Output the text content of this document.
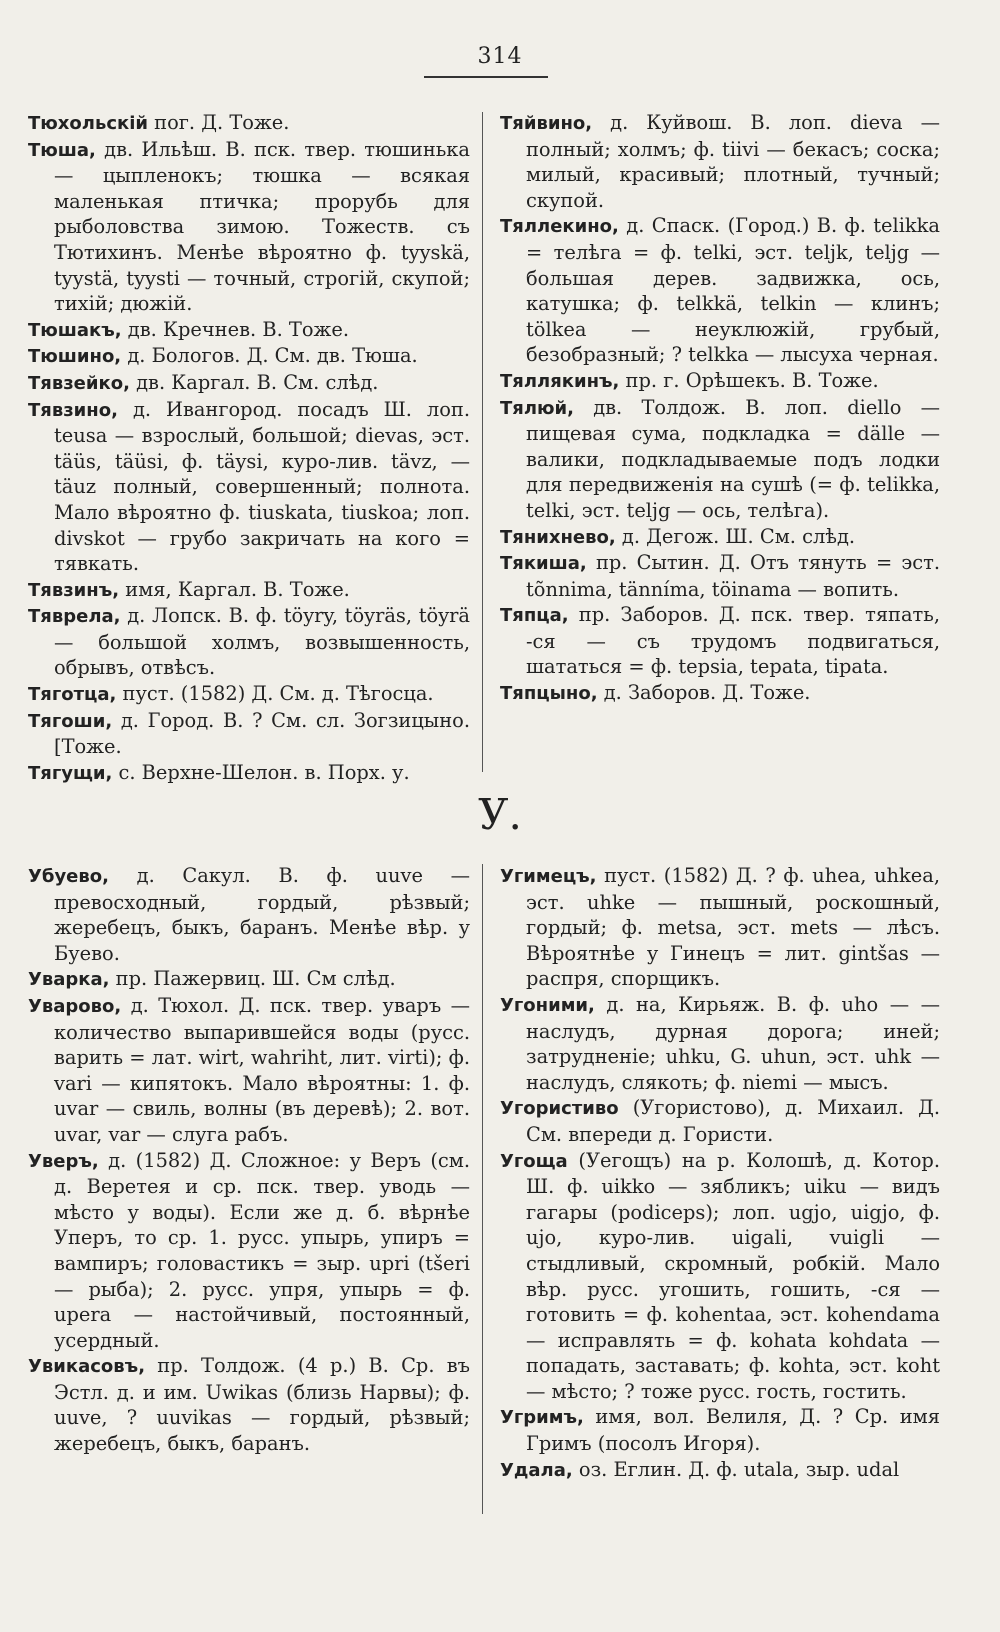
314

Тюхольскій пог. Д. Тоже.

Тюша, дв. Ильѣш. В. пск. твер. тюшинька — цыпленокъ; тюшка — всякая маленькая птичка; прорубь для рыболовства зимою. Тожеств. съ Тютихинъ. Менѣе вѣроятно ф. tyyskä, tyystä, tyysti — точный, строгій, скупой; тихій; дюжій.

Тюшакъ, дв. Кречнев. В. Тоже.

Тюшино, д. Бологов. Д. См. дв. Тюша.

Тявзейко, дв. Каргал. В. См. слѣд.

Тявзино, д. Ивангород. посадъ Ш. лоп. teusa — взрослый, большой; dievas, эст. täüs, täüsi, ф. täysi, куро-лив. tävz, — täuz полный, совершенный; полнота. Мало вѣроятно ф. tiuskata, tiuskoa; лоп. divskot — грубо закричать на кого = тявкать.

Тявзинъ, имя, Каргал. В. Тоже.

Тяврела, д. Лопск. В. ф. töyry, töyräs, töyrä — большой холмъ, возвышенность, обрывъ, отвѣсъ.

Тяготца, пуст. (1582) Д. См. д. Тѣгосца.

Тягоши, д. Город. В. ? См. сл. Зогзицыно. [Тоже.

Тягущи, с. Верхне-Шелон. в. Порх. у.

Тяйвино, д. Куйвош. В. лоп. dieva — полный; холмъ; ф. tiivi — бекасъ; соска; милый, красивый; плотный, тучный; скупой.

Тяллекино, д. Спаск. (Город.) В. ф. telikka = телѣга = ф. telki, эст. teljk, teljg — большая дерев. задвижка, ось, катушка; ф. telkkä, telkin — клинъ; tölkea — неуклюжій, грубый, безобразный; ? telkka — лысуха черная.

Тяллякинъ, пр. г. Орѣшекъ. В. Тоже.

Тялюй, дв. Толдож. В. лоп. diello — пищевая сума, подкладка = dälle — валики, подкладываемые подъ лодки для передвиженія на сушѣ (= ф. telikka, telki, эст. teljg — ось, телѣга).

Тянихнево, д. Дегож. Ш. См. слѣд.

Тякиша, пр. Сытин. Д. Отъ тянуть = эст. tõnnima, tänníma, töinama — вопить.

Тяпца, пр. Заборов. Д. пск. твер. тяпать, -ся — съ трудомъ подвигаться, шататься = ф. tepsia, tepata, tipata.

Тяпцыно, д. Заборов. Д. Тоже.

У.

Убуево, д. Сакул. В. ф. uuve — превосходный, гордый, рѣзвый; жеребецъ, быкъ, баранъ. Менѣе вѣр. у Буево.

Уварка, пр. Пажервиц. Ш. См слѣд.

Уварово, д. Тюхол. Д. пск. твер. уваръ — количество выпарившейся воды (русс. варить = лат. wirt, wahriht, лит. virti); ф. vari — кипятокъ. Мало вѣроятны: 1. ф. uvar — свиль, волны (въ деревѣ); 2. вот. uvar, var — слуга рабъ.

Уверъ, д. (1582) Д. Сложное: у Веръ (см. д. Веретея и ср. пск. твер. уводь — мѣсто у воды). Если же д. б. вѣрнѣе Уперъ, то ср. 1. русс. упырь, упиръ = вампиръ; головастикъ = зыр. upri (tšeri — рыба); 2. русс. упря, упырь = ф. upera — настойчивый, постоянный, усердный.

Увикасовъ, пр. Толдож. (4 р.) В. Ср. въ Эстл. д. и им. Uwikas (близь Нарвы); ф. uuve, ? uuvikas — гордый, рѣзвый; жеребецъ, быкъ, баранъ.

Угимецъ, пуст. (1582) Д. ? ф. uhea, uhkea, эст. uhke — пышный, роскошный, гордый; ф. metsa, эст. mets — лѣсъ. Вѣроятнѣе у Гинецъ = лит. gintšas — распря, спорщикъ.

Угоними, д. на, Кирьяж. В. ф. uho — — наслудъ, дурная дорога; иней; затрудненіе; uhku, G. uhun, эст. uhk — наслудъ, слякоть; ф. niemi — мысъ.

Угористиво (Угористово), д. Михаил. Д. См. впереди д. Гористи.

Угоща (Уегощъ) на р. Колошѣ, д. Котор. Ш. ф. uikko — зябликъ; uiku — видъ гагары (podiceps); лоп. ugjo, uigjo, ф. ujo, куро-лив. uigali, vuigli — стыдливый, скромный, робкій. Мало вѣр. русс. угошить, гошить, -ся — готовить = ф. kohentaa, эст. kohendama — исправлять = ф. kohata kohdata — попадать, заставать; ф. kohta, эст. koht — мѣсто; ? тоже русс. гость, гостить.

Угримъ, имя, вол. Велиля, Д. ? Ср. имя Гримъ (посолъ Игоря).

Удала, оз. Еглин. Д. ф. utala, зыр. udal
